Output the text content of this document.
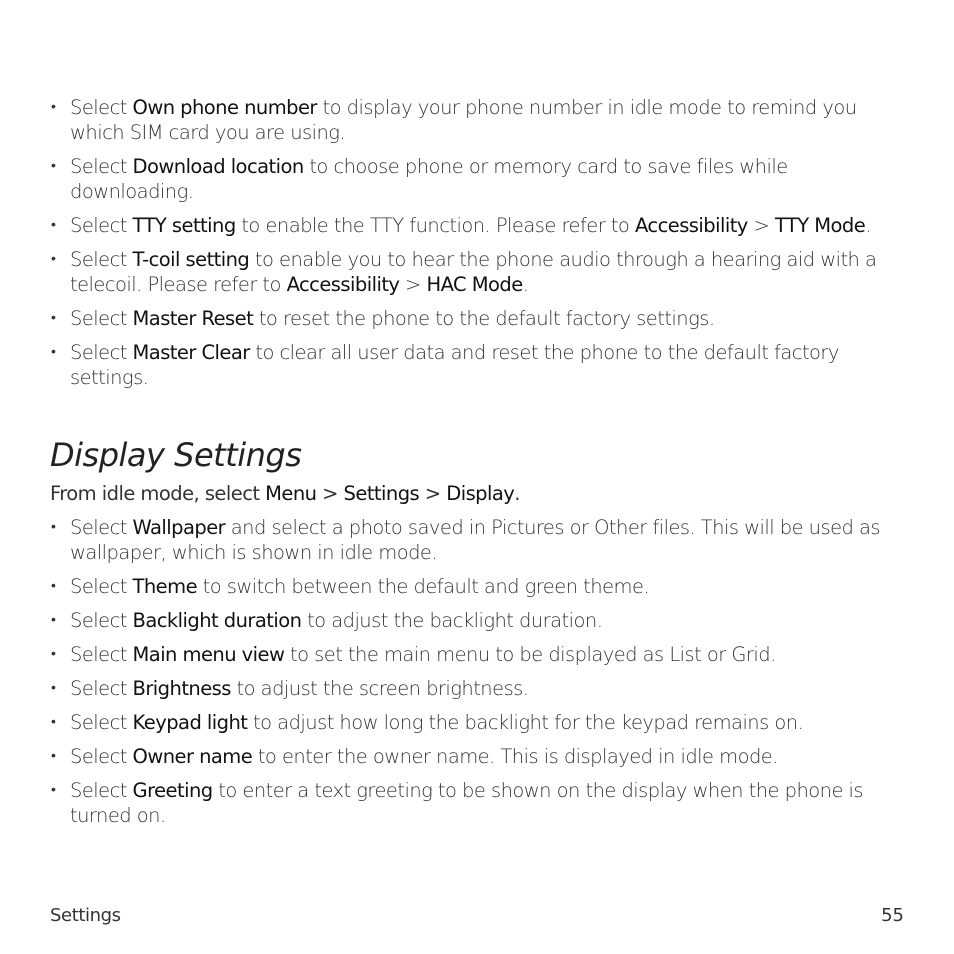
• Select Own phone number to display your phone number in idle mode to remind you which SIM card you are using.
• Select Download location to choose phone or memory card to save files while downloading.
• Select TTY setting to enable the TTY function. Please refer to Accessibility > TTY Mode.
• Select T-coil setting to enable you to hear the phone audio through a hearing aid with a telecoil. Please refer to Accessibility > HAC Mode.
• Select Master Reset to reset the phone to the default factory settings.
• Select Master Clear to clear all user data and reset the phone to the default factory settings.
Display Settings

From idle mode, select Menu > Settings > Display.

• Select Wallpaper and select a photo saved in Pictures or Other files. This will be used as wallpaper, which is shown in idle mode.
• Select Theme to switch between the default and green theme.
• Select Backlight duration to adjust the backlight duration.
• Select Main menu view to set the main menu to be displayed as List or Grid.
• Select Brightness to adjust the screen brightness.
• Select Keypad light to adjust how long the backlight for the keypad remains on.
• Select Owner name to enter the owner name. This is displayed in idle mode.
• Select Greeting to enter a text greeting to be shown on the display when the phone is turned on.
Settings	55
